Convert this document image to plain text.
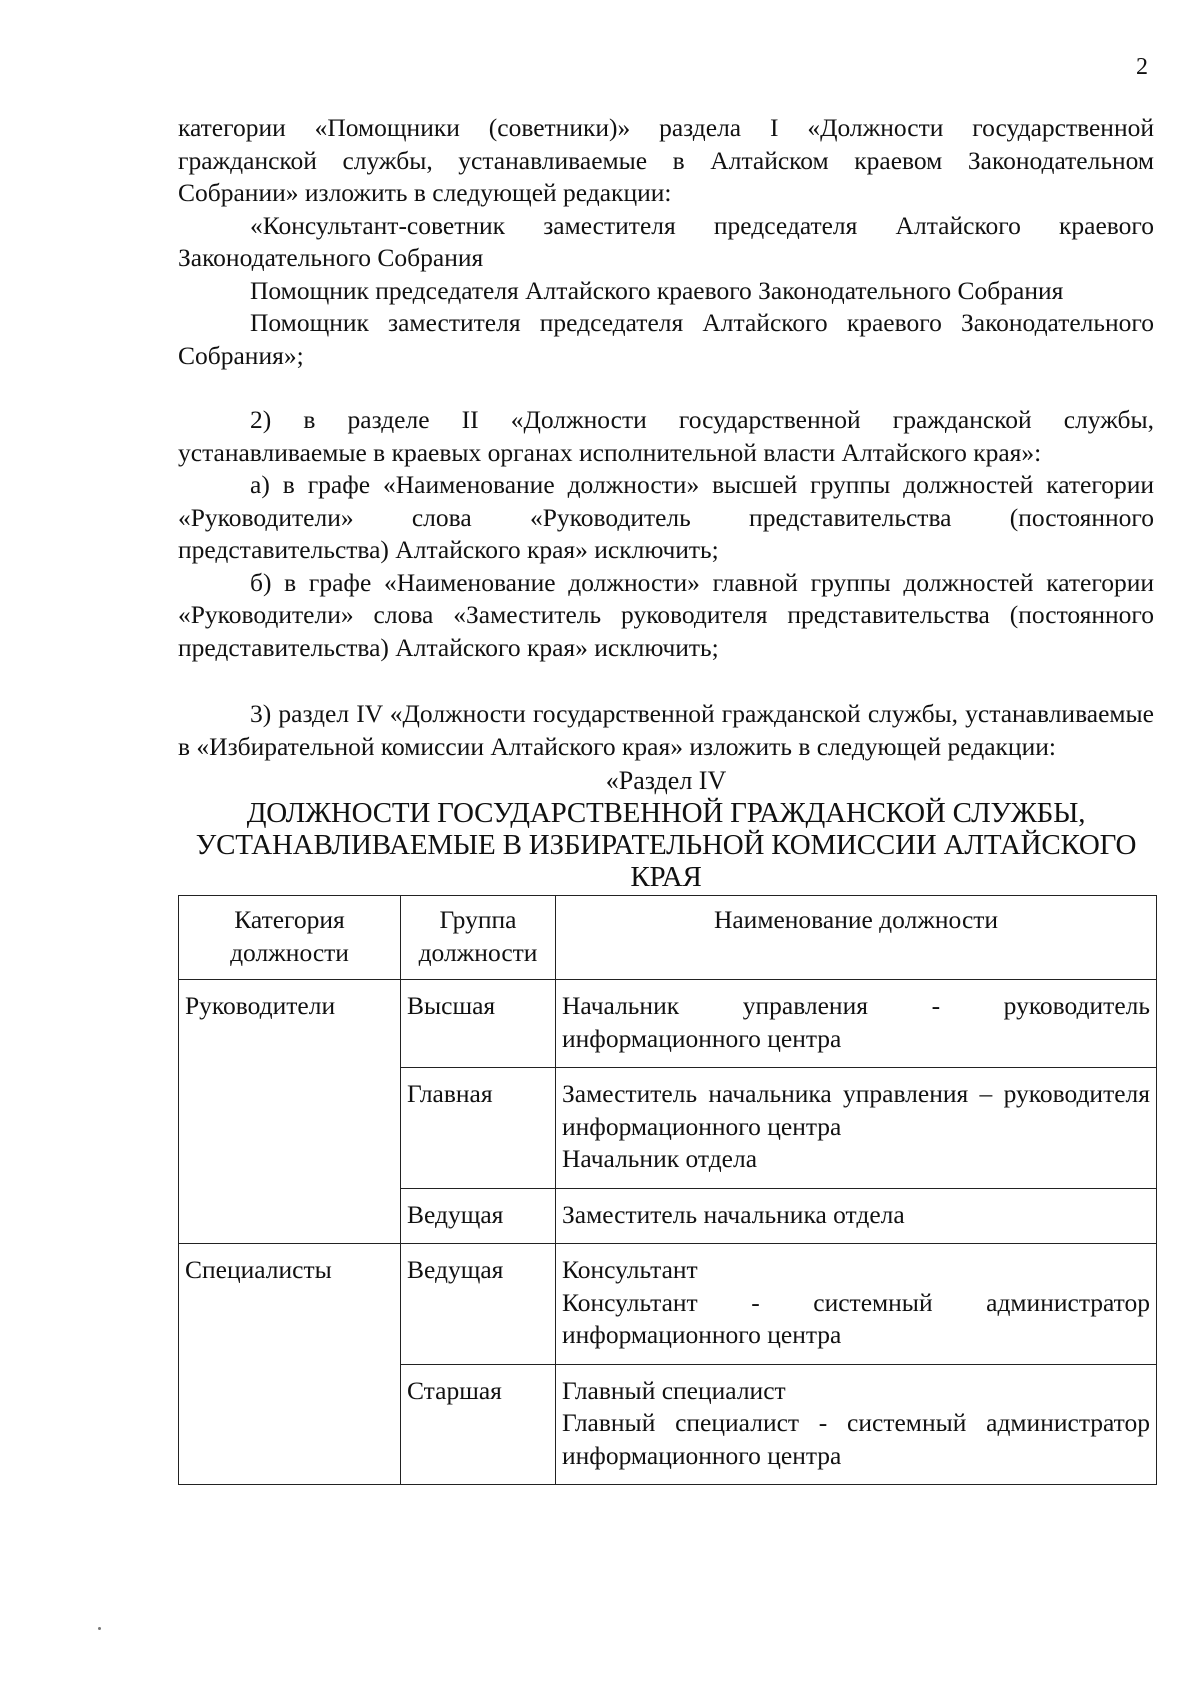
2

категории «Помощники (советники)» раздела I «Должности государственной гражданской службы, устанавливаемые в Алтайском краевом Законодательном Собрании» изложить в следующей редакции:

«Консультант-советник заместителя председателя Алтайского краевого Законодательного Собрания

Помощник председателя Алтайского краевого Законодательного Собрания

Помощник заместителя председателя Алтайского краевого Законодательного Собрания»;

2) в разделе II «Должности государственной гражданской службы, устанавливаемые в краевых органах исполнительной власти Алтайского края»:

а) в графе «Наименование должности» высшей группы должностей категории «Руководители» слова «Руководитель представительства (постоянного представительства) Алтайского края» исключить;

б) в графе «Наименование должности» главной группы должностей категории «Руководители» слова «Заместитель руководителя представительства (постоянного представительства) Алтайского края» исключить;

3) раздел IV «Должности государственной гражданской службы, устанавливаемые в «Избирательной комиссии Алтайского края» изложить в следующей редакции:

«Раздел IV

ДОЛЖНОСТИ ГОСУДАРСТВЕННОЙ ГРАЖДАНСКОЙ СЛУЖБЫ, УСТАНАВЛИВАЕМЫЕ В ИЗБИРАТЕЛЬНОЙ КОМИССИИ АЛТАЙСКОГО КРАЯ

Категория должности	Группа должности	Наименование должности
Руководители	Высшая	Начальник управления - руководитель информационного центра

	Главная	Заместитель начальника управления – руководителя информационного центра
Начальник отдела

	Ведущая	Заместитель начальника отдела

Специалисты	Ведущая	Консультант
Консультант - системный администратор информационного центра

	Старшая	Главный специалист
Главный специалист - системный администратор информационного центра
